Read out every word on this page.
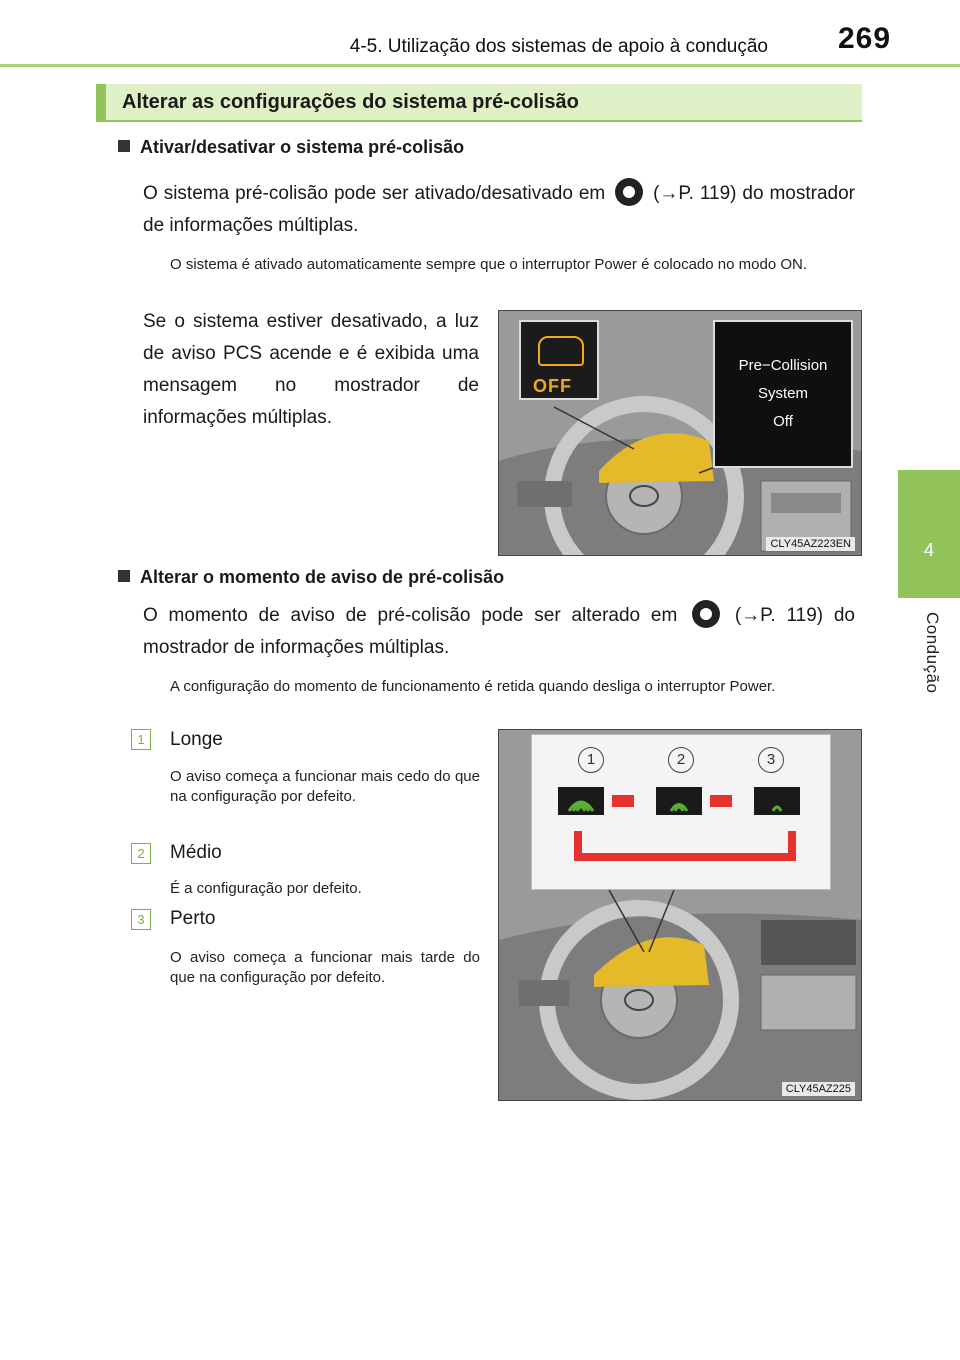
4-5. Utilização dos sistemas de apoio à condução 269
4
Condução
Alterar as configurações do sistema pré-colisão
Ativar/desativar o sistema pré-colisão
O sistema pré-colisão pode ser ativado/desativado em	(→P. 119) do mostrador de informações múltiplas.
O sistema é ativado automaticamente sempre que o interruptor Power é colocado no modo ON.
Se o sistema estiver desativado, a luz de aviso PCS acende e é exibida uma mensagem no mostrador de informações múltiplas.
OFF
Pre−Collision
System
Off
CLY45AZ223EN
Alterar o momento de aviso de pré-colisão
O momento de aviso de pré-colisão pode ser alterado em	(→P. 119) do mostrador de informações múltiplas.
A configuração do momento de funcionamento é retida quando desliga o interruptor Power.
1	Longe
O aviso começa a funcionar mais cedo do que na configuração por defeito.
2	Médio
É a configuração por defeito.
3	Perto
O aviso começa a funcionar mais tarde do que na configuração por defeito.
1	2	3
CLY45AZ225
